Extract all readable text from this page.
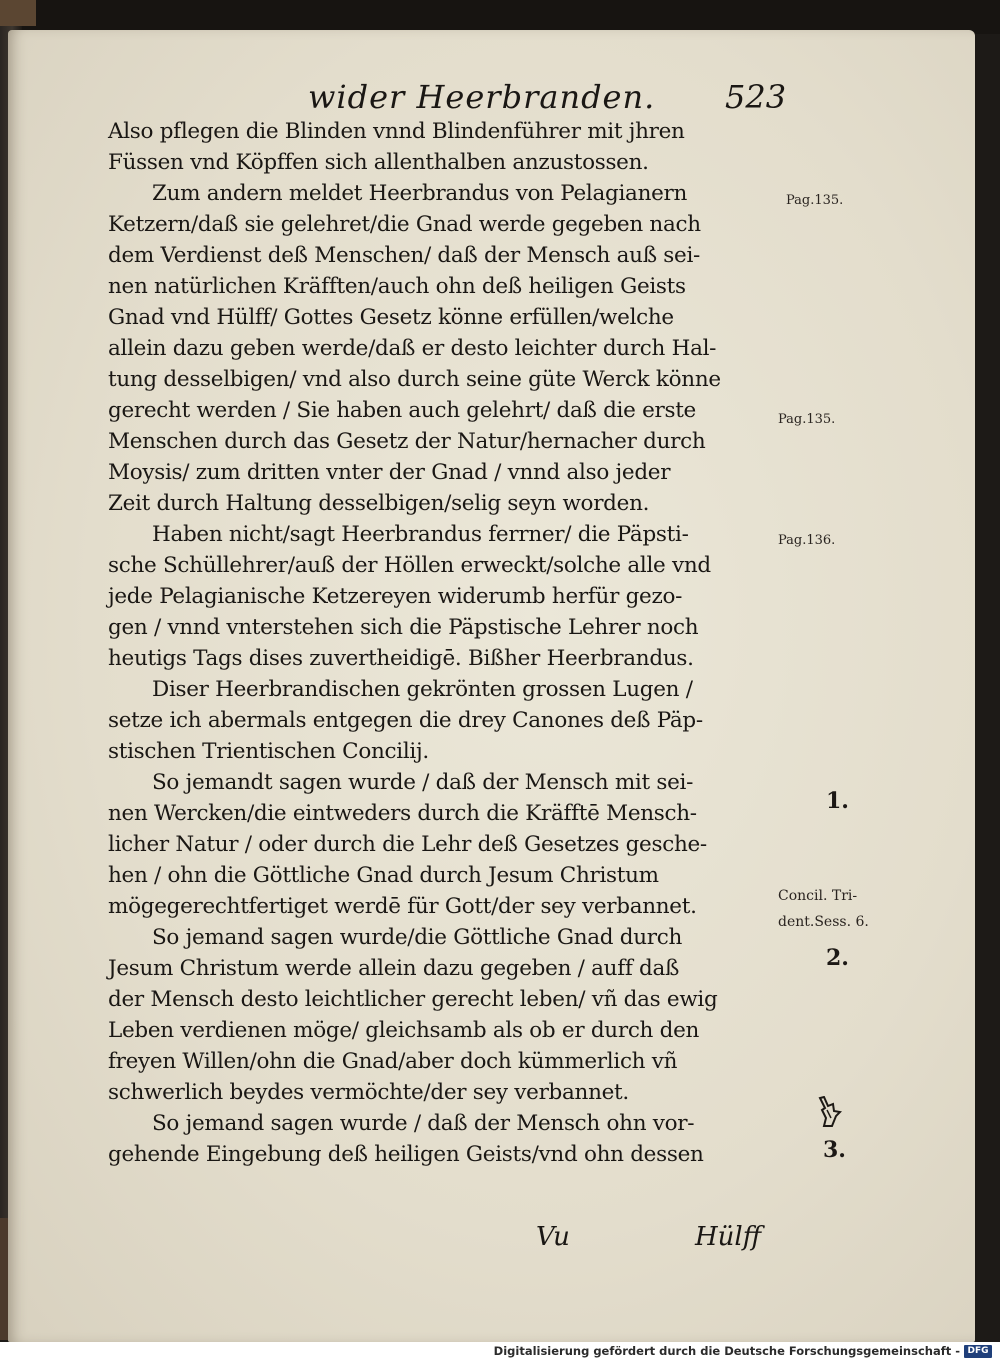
wider Heerbranden. 523
Also pflegen die Blinden vnnd Blindenführer mit jhren
Füssen vnd Köpffen sich allenthalben anzustossen.
Zum andern meldet Heerbrandus von Pelagianern
Ketzern/daß sie gelehret/die Gnad werde gegeben nach
dem Verdienst deß Menschen/ daß der Mensch auß sei-
nen natürlichen Kräfften/auch ohn deß heiligen Geists
Gnad vnd Hülff/ Gottes Gesetz könne erfüllen/welche
allein dazu geben werde/daß er desto leichter durch Hal-
tung desselbigen/ vnd also durch seine güte Werck könne
gerecht werden / Sie haben auch gelehrt/ daß die erste
Menschen durch das Gesetz der Natur/hernacher durch
Moysis/ zum dritten vnter der Gnad / vnnd also jeder
Zeit durch Haltung desselbigen/selig seyn worden.
Haben nicht/sagt Heerbrandus ferrner/ die Päpsti-
sche Schüllehrer/auß der Höllen erweckt/solche alle vnd
jede Pelagianische Ketzereyen widerumb herfür gezo-
gen / vnnd vnterstehen sich die Päpstische Lehrer noch
heutigs Tags dises zuvertheidigē. Bißher Heerbrandus.
Diser Heerbrandischen gekrönten grossen Lugen /
setze ich abermals entgegen die drey Canones deß Päp-
stischen Trientischen Concilij.
So jemandt sagen wurde / daß der Mensch mit sei-
nen Wercken/die eintweders durch die Kräfftē Mensch-
licher Natur / oder durch die Lehr deß Gesetzes gesche-
hen / ohn die Göttliche Gnad durch Jesum Christum
mögegerechtfertiget werdē für Gott/der sey verbannet.
So jemand sagen wurde/die Göttliche Gnad durch
Jesum Christum werde allein dazu gegeben / auff daß
der Mensch desto leichtlicher gerecht leben/ vñ das ewig
Leben verdienen möge/ gleichsamb als ob er durch den
freyen Willen/ohn die Gnad/aber doch kümmerlich vñ
schwerlich beydes vermöchte/der sey verbannet.
So jemand sagen wurde / daß der Mensch ohn vor-
gehende Eingebung deß heiligen Geists/vnd ohn dessen
Pag.135.
Pag.135.
Pag.136.
1.
Concil. Tri-
dent.Sess. 6.
2.
3.
Vu	Hülff
Digitalisierung gefördert durch die Deutsche Forschungsgemeinschaft - DFG
